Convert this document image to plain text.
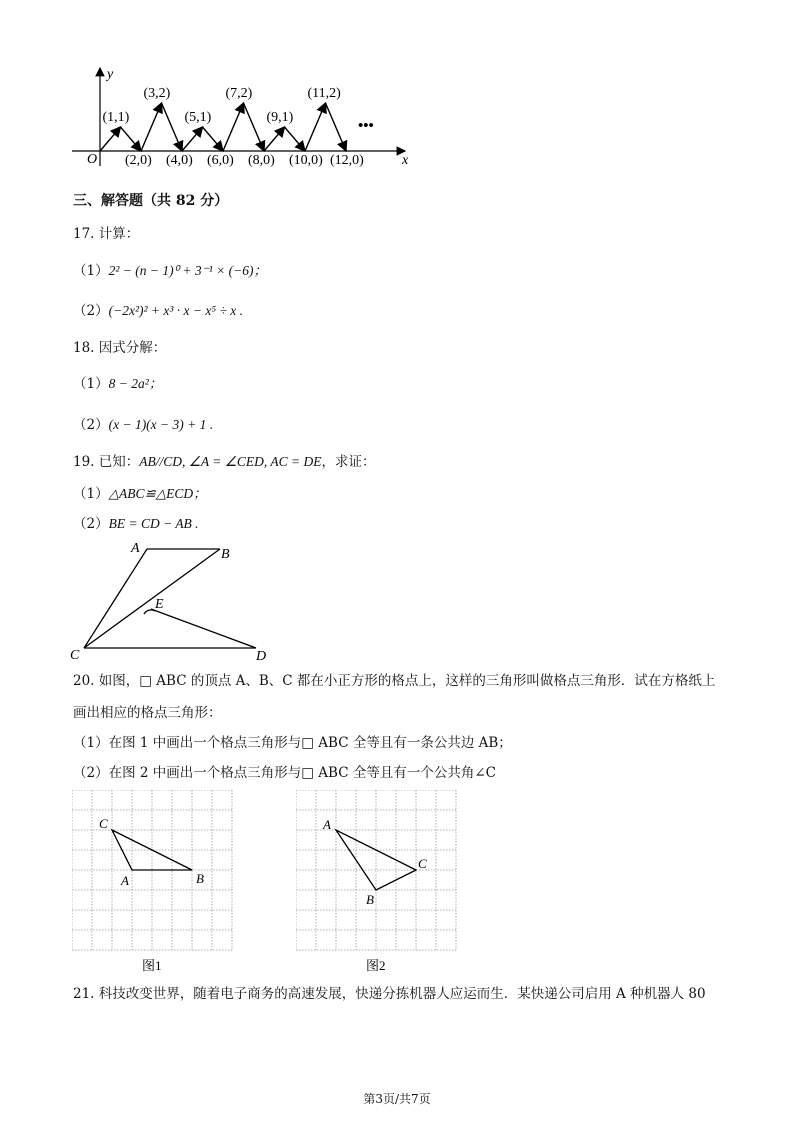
y
x
O
(1,1)
(3,2)
(5,1)
(7,2)
(9,1)
(11,2)
(2,0) (4,0) (6,0) (8,0) (10,0) (12,0)
•••
三、解答题（共 82 分）
17. 计算：
（1）2² − (n − 1)⁰ + 3⁻¹ × (−6)；
（2）(−2x²)² + x³ · x − x⁵ ÷ x .
18. 因式分解：
（1）8 − 2a²；
（2）(x − 1)(x − 3) + 1 .
19. 已知：AB//CD, ∠A = ∠CED, AC = DE，求证：
（1）△ABC≌△ECD；
（2）BE = CD − AB .
A	B
C	D
E
20. 如图，□ ABC 的顶点 A、B、C 都在小正方形的格点上，这样的三角形叫做格点三角形．试在方格纸上
画出相应的格点三角形：
（1）在图 1 中画出一个格点三角形与□ ABC 全等且有一条公共边 AB；
（2）在图 2 中画出一个格点三角形与□ ABC 全等且有一个公共角∠C
C
A	B
图1
A
B
C
图2
21. 科技改变世界，随着电子商务的高速发展，快递分拣机器人应运而生．某快递公司启用 A 种机器人 80
第3页/共7页
